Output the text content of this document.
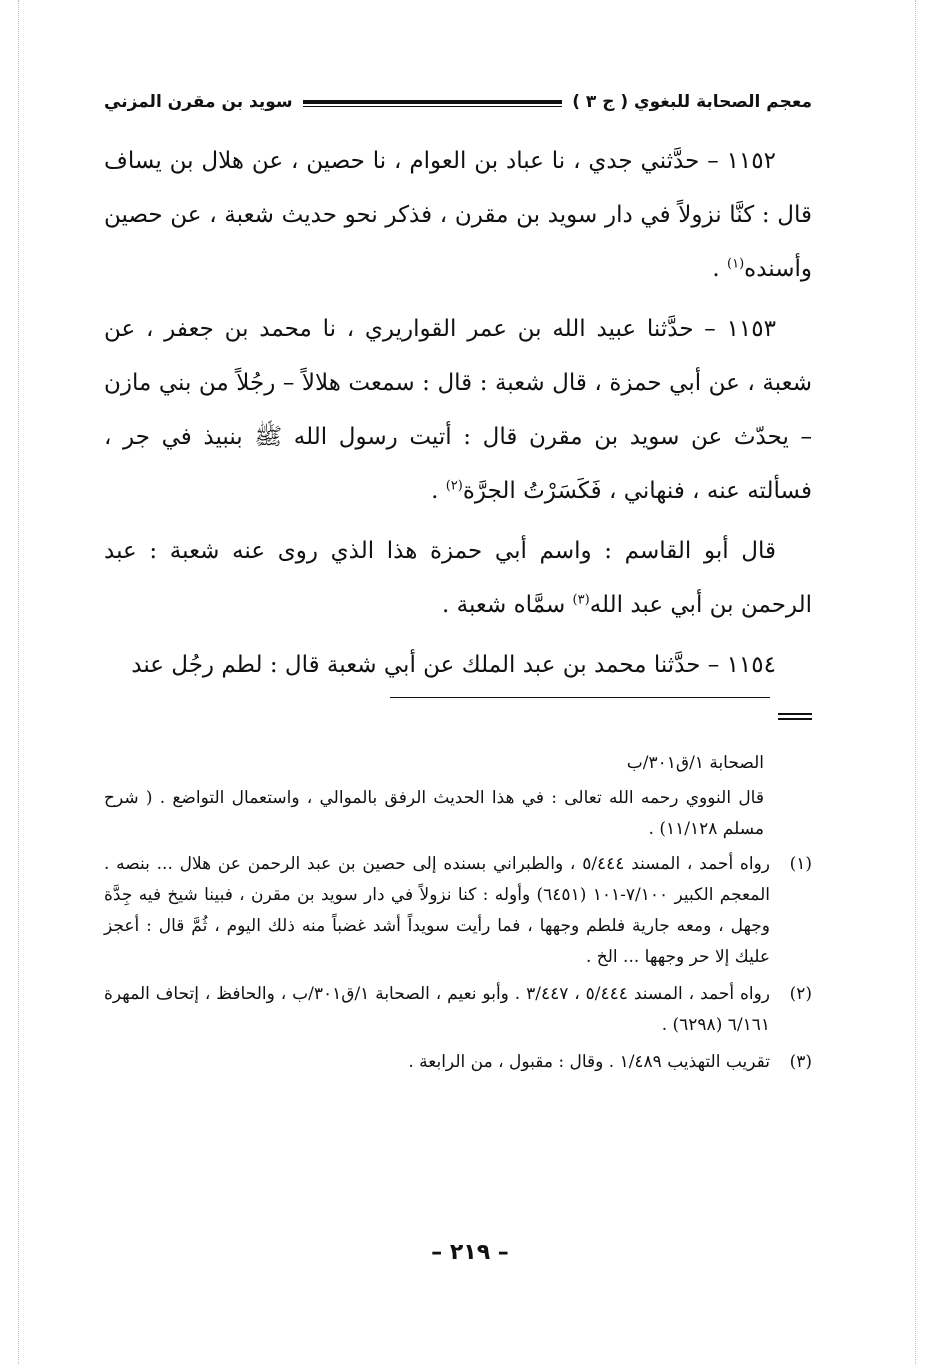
معجم الصحابة للبغوي ( ج ٣ )
سويد بن مقرن المزني

١١٥٢ – حدَّثني جدي ، نا عباد بن العوام ، نا حصين ، عن هلال بن يساف قال : كنَّا نزولاً في دار سويد بن مقرن ، فذكر نحو حديث شعبة ، عن حصين وأسنده$^{(١)}$ .

١١٥٣ – حدَّثنا عبيد الله بن عمر القواريري ، نا محمد بن جعفر ، عن شعبة ، عن أبي حمزة ، قال شعبة : قال : سمعت هلالاً – رجُلاً من بني مازن – يحدّث عن سويد بن مقرن قال : أتيت رسول الله ﷺ بنبيذ في جر ، فسألته عنه ، فنهاني ، فَكَسَرْتُ الجرَّة$^{(٢)}$ .

قال أبو القاسم : واسم أبي حمزة هذا الذي روى عنه شعبة : عبد الرحمن بن أبي عبد الله$^{(٣)}$ سمَّاه شعبة .

١١٥٤ – حدَّثنا محمد بن عبد الملك عن أبي شعبة قال : لطم رجُل عند

الصحابة ١/ق٣٠١/ب

قال النووي رحمه الله تعالى : في هذا الحديث الرفق بالموالي ، واستعمال التواضع . ( شرح مسلم ١١/١٢٨) .

(١)
رواه أحمد ، المسند ٥/٤٤٤ ، والطبراني بسنده إلى حصين بن عبد الرحمن عن هلال ... بنصه . المعجم الكبير ٧/١٠٠-١٠١ (٦٤٥١) وأوله : كنا نزولاً في دار سويد بن مقرن ، فبينا شيخ فيه جِدَّة وجهل ، ومعه جارية فلطم وجهها ، فما رأيت سويداً أشد غضباً منه ذلك اليوم ، ثُمَّ قال : أعجز عليك إلا حر وجهها ... الخ .
(٢)
رواه أحمد ، المسند ٥/٤٤٤ ، ٣/٤٤٧ . وأبو نعيم ، الصحابة ١/ق٣٠١/ب ، والحافظ ، إتحاف المهرة ٦/١٦١ (٦٢٩٨) .
(٣)
تقريب التهذيب ١/٤٨٩ . وقال : مقبول ، من الرابعة .
– ٢١٩ –
